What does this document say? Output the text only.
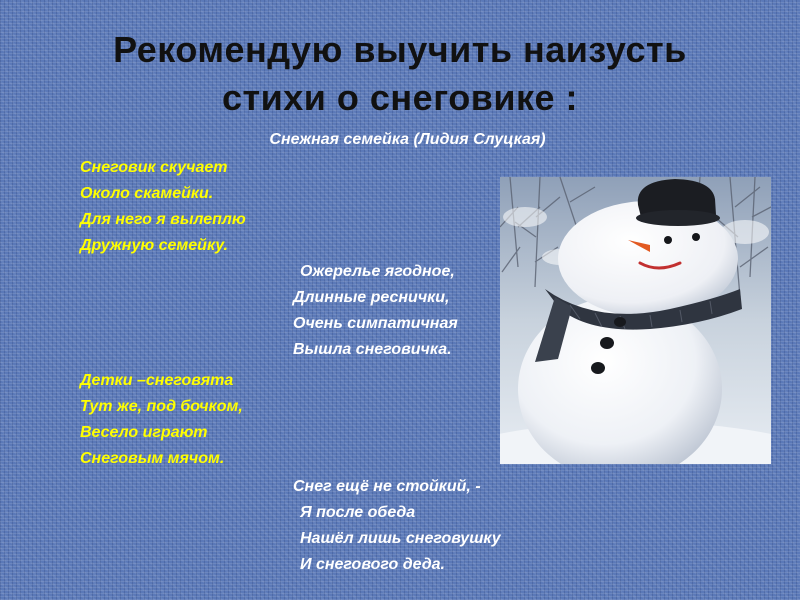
Рекомендую выучить наизусть
стихи о снеговике :
Снежная семейка (Лидия Слуцкая)
Снеговик скучает
Около скамейки.
Для него я вылеплю
Дружную семейку.
Ожерелье ягодное,
Длинные реснички,
Очень симпатичная
Вышла снеговичка.
Детки –снеговята
Тут же, под бочком,
Весело играют
Снеговым мячом.
Снег ещё не стойкий, -
Я после обеда
Нашёл лишь снеговушку
И снегового деда.
